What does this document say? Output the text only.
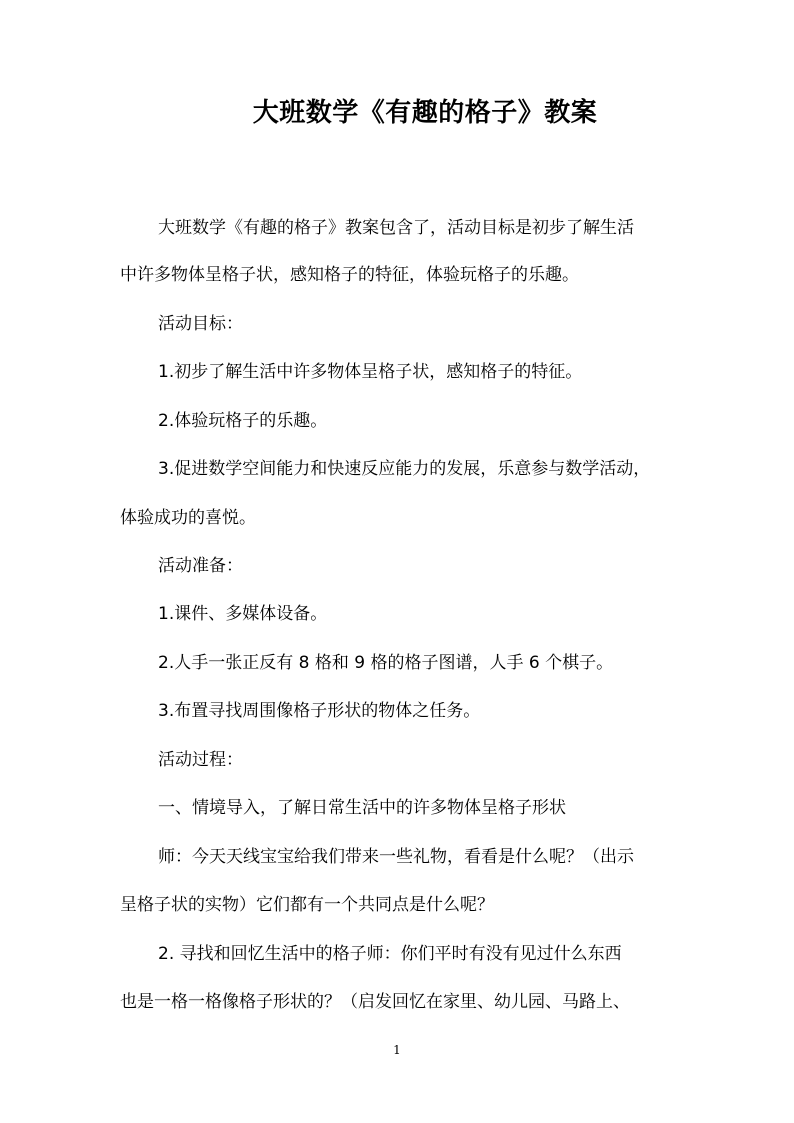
大班数学《有趣的格子》教案

大班数学《有趣的格子》教案包含了，活动目标是初步了解生活

中许多物体呈格子状，感知格子的特征，体验玩格子的乐趣。

活动目标：

1.初步了解生活中许多物体呈格子状，感知格子的特征。

2.体验玩格子的乐趣。

3.促进数学空间能力和快速反应能力的发展，乐意参与数学活动，

体验成功的喜悦。

活动准备：

1.课件、多媒体设备。

2.人手一张正反有 8 格和 9 格的格子图谱，人手 6 个棋子。

3.布置寻找周围像格子形状的物体之任务。

活动过程：

一、情境导入，了解日常生活中的许多物体呈格子形状

师：今天天线宝宝给我们带来一些礼物，看看是什么呢？（出示

呈格子状的实物）它们都有一个共同点是什么呢？

2. 寻找和回忆生活中的格子师：你们平时有没有见过什么东西

也是一格一格像格子形状的？（启发回忆在家里、幼儿园、马路上、

1
